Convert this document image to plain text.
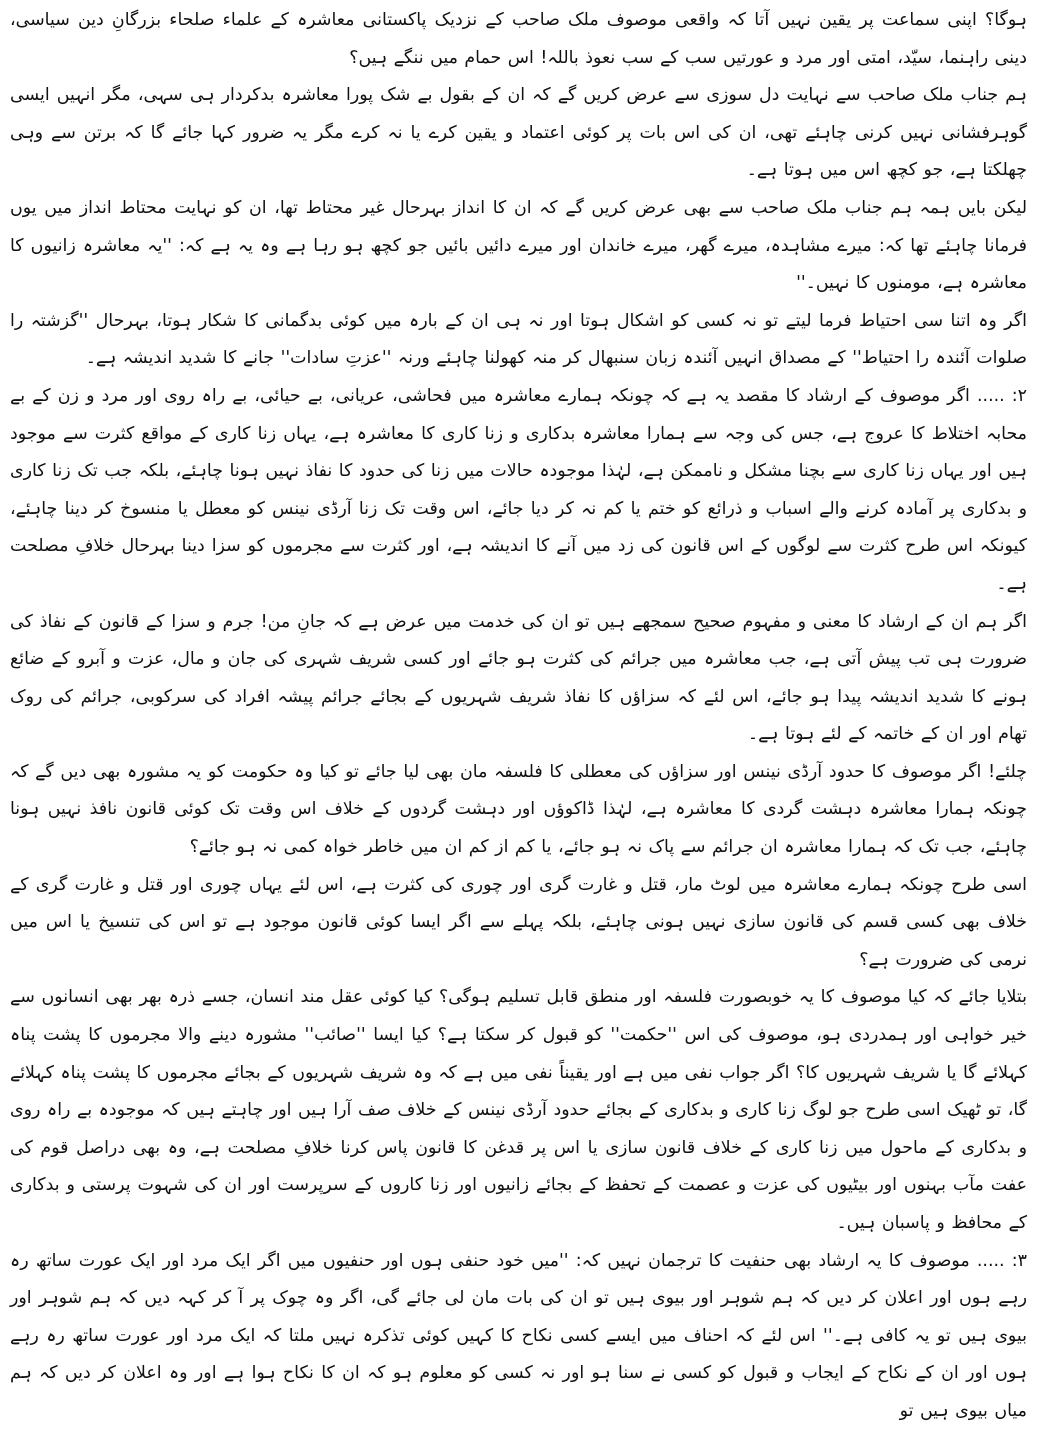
ہوگا؟ اپنی سماعت پر یقین نہیں آتا کہ واقعی موصوف ملک صاحب کے نزدیک پاکستانی معاشرہ کے علماء صلحاء بزرگانِ دین سیاسی، دینی راہنما، سیّد، امتی اور مرد و عورتیں سب کے سب نعوذ باللہ! اس حمام میں ننگے ہیں؟

ہم جناب ملک صاحب سے نہایت دل سوزی سے عرض کریں گے کہ ان کے بقول بے شک پورا معاشرہ بدکردار ہی سہی، مگر انہیں ایسی گوہرفشانی نہیں کرنی چاہئے تھی، ان کی اس بات پر کوئی اعتماد و یقین کرے یا نہ کرے مگر یہ ضرور کہا جائے گا کہ برتن سے وہی چھلکتا ہے، جو کچھ اس میں ہوتا ہے۔

لیکن بایں ہمہ ہم جناب ملک صاحب سے بھی عرض کریں گے کہ ان کا انداز بہرحال غیر محتاط تھا، ان کو نہایت محتاط انداز میں یوں فرمانا چاہئے تھا کہ: میرے مشاہدہ، میرے گھر، میرے خاندان اور میرے دائیں بائیں جو کچھ ہو رہا ہے وہ یہ ہے کہ: ''یہ معاشرہ زانیوں کا معاشرہ ہے، مومنوں کا نہیں۔''

اگر وہ اتنا سی احتیاط فرما لیتے تو نہ کسی کو اشکال ہوتا اور نہ ہی ان کے بارہ میں کوئی بدگمانی کا شکار ہوتا، بہرحال ''گزشتہ را صلوات آئندہ را احتیاط'' کے مصداق انہیں آئندہ زبان سنبھال کر منہ کھولنا چاہئے ورنہ ''عزتِ سادات'' جانے کا شدید اندیشہ ہے۔

۲: ..... اگر موصوف کے ارشاد کا مقصد یہ ہے کہ چونکہ ہمارے معاشرہ میں فحاشی، عریانی، بے حیائی، بے راہ روی اور مرد و زن کے بے محابہ اختلاط کا عروج ہے، جس کی وجہ سے ہمارا معاشرہ بدکاری و زنا کاری کا معاشرہ ہے، یہاں زنا کاری کے مواقع کثرت سے موجود ہیں اور یہاں زنا کاری سے بچنا مشکل و ناممکن ہے، لہٰذا موجودہ حالات میں زنا کی حدود کا نفاذ نہیں ہونا چاہئے، بلکہ جب تک زنا کاری و بدکاری پر آمادہ کرنے والے اسباب و ذرائع کو ختم یا کم نہ کر دیا جائے، اس وقت تک زنا آرڈی نینس کو معطل یا منسوخ کر دینا چاہئے، کیونکہ اس طرح کثرت سے لوگوں کے اس قانون کی زد میں آنے کا اندیشہ ہے، اور کثرت سے مجرموں کو سزا دینا بہرحال خلافِ مصلحت ہے۔

اگر ہم ان کے ارشاد کا معنی و مفہوم صحیح سمجھے ہیں تو ان کی خدمت میں عرض ہے کہ جانِ من! جرم و سزا کے قانون کے نفاذ کی ضرورت ہی تب پیش آتی ہے، جب معاشرہ میں جرائم کی کثرت ہو جائے اور کسی شریف شہری کی جان و مال، عزت و آبرو کے ضائع ہونے کا شدید اندیشہ پیدا ہو جائے، اس لئے کہ سزاؤں کا نفاذ شریف شہریوں کے بجائے جرائم پیشہ افراد کی سرکوبی، جرائم کی روک تھام اور ان کے خاتمہ کے لئے ہوتا ہے۔

چلئے! اگر موصوف کا حدود آرڈی نینس اور سزاؤں کی معطلی کا فلسفہ مان بھی لیا جائے تو کیا وہ حکومت کو یہ مشورہ بھی دیں گے کہ چونکہ ہمارا معاشرہ دہشت گردی کا معاشرہ ہے، لہٰذا ڈاکوؤں اور دہشت گردوں کے خلاف اس وقت تک کوئی قانون نافذ نہیں ہونا چاہئے، جب تک کہ ہمارا معاشرہ ان جرائم سے پاک نہ ہو جائے، یا کم از کم ان میں خاطر خواہ کمی نہ ہو جائے؟

اسی طرح چونکہ ہمارے معاشرہ میں لوٹ مار، قتل و غارت گری اور چوری کی کثرت ہے، اس لئے یہاں چوری اور قتل و غارت گری کے خلاف بھی کسی قسم کی قانون سازی نہیں ہونی چاہئے، بلکہ پہلے سے اگر ایسا کوئی قانون موجود ہے تو اس کی تنسیخ یا اس میں نرمی کی ضرورت ہے؟

بتلایا جائے کہ کیا موصوف کا یہ خوبصورت فلسفہ اور منطق قابل تسلیم ہوگی؟ کیا کوئی عقل مند انسان، جسے ذرہ بھر بھی انسانوں سے خیر خواہی اور ہمدردی ہو، موصوف کی اس ''حکمت'' کو قبول کر سکتا ہے؟ کیا ایسا ''صائب'' مشورہ دینے والا مجرموں کا پشت پناہ کہلائے گا یا شریف شہریوں کا؟ اگر جواب نفی میں ہے اور یقیناً نفی میں ہے کہ وہ شریف شہریوں کے بجائے مجرموں کا پشت پناہ کہلائے گا، تو ٹھیک اسی طرح جو لوگ زنا کاری و بدکاری کے بجائے حدود آرڈی نینس کے خلاف صف آرا ہیں اور چاہتے ہیں کہ موجودہ بے راہ روی و بدکاری کے ماحول میں زنا کاری کے خلاف قانون سازی یا اس پر قدغن کا قانون پاس کرنا خلافِ مصلحت ہے، وہ بھی دراصل قوم کی عفت مآب بہنوں اور بیٹیوں کی عزت و عصمت کے تحفظ کے بجائے زانیوں اور زنا کاروں کے سرپرست اور ان کی شہوت پرستی و بدکاری کے محافظ و پاسبان ہیں۔

۳: ..... موصوف کا یہ ارشاد بھی حنفیت کا ترجمان نہیں کہ: ''میں خود حنفی ہوں اور حنفیوں میں اگر ایک مرد اور ایک عورت ساتھ رہ رہے ہوں اور اعلان کر دیں کہ ہم شوہر اور بیوی ہیں تو ان کی بات مان لی جائے گی، اگر وہ چوک پر آ کر کہہ دیں کہ ہم شوہر اور بیوی ہیں تو یہ کافی ہے۔'' اس لئے کہ احناف میں ایسے کسی نکاح کا کہیں کوئی تذکرہ نہیں ملتا کہ ایک مرد اور عورت ساتھ رہ رہے ہوں اور ان کے نکاح کے ایجاب و قبول کو کسی نے سنا ہو اور نہ کسی کو معلوم ہو کہ ان کا نکاح ہوا ہے اور وہ اعلان کر دیں کہ ہم میاں بیوی ہیں تو
